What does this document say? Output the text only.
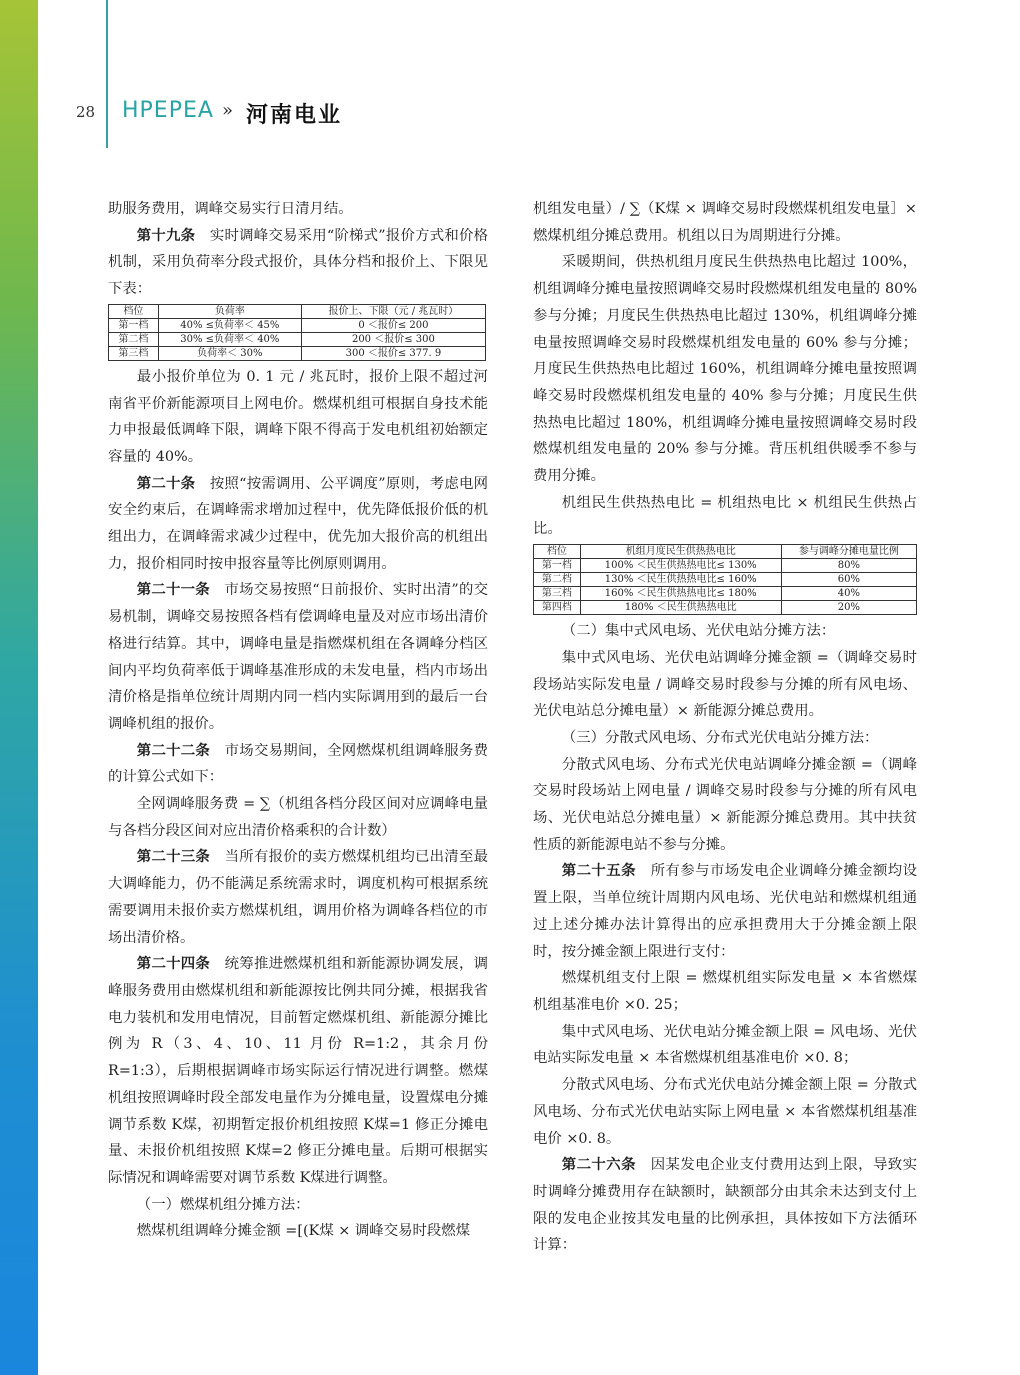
28 HPEPEA » 河南电业

助服务费用，调峰交易实行日清月结。

第十九条　实时调峰交易采用“阶梯式”报价方式和价格机制，采用负荷率分段式报价，具体分档和报价上、下限见下表：

档位	负荷率	报价上、下限（元 / 兆瓦时）
第一档	40% ≤负荷率＜ 45%	0 ＜报价≤ 200
第二档	30% ≤负荷率＜ 40%	200 ＜报价≤ 300
第三档	负荷率＜ 30%	300 ＜报价≤ 377. 9

最小报价单位为 0. 1 元 / 兆瓦时，报价上限不超过河南省平价新能源项目上网电价。燃煤机组可根据自身技术能力申报最低调峰下限，调峰下限不得高于发电机组初始额定容量的 40%。

第二十条　按照“按需调用、公平调度”原则，考虑电网安全约束后，在调峰需求增加过程中，优先降低报价低的机组出力，在调峰需求减少过程中，优先加大报价高的机组出力，报价相同时按申报容量等比例原则调用。

第二十一条　市场交易按照“日前报价、实时出清”的交易机制，调峰交易按照各档有偿调峰电量及对应市场出清价格进行结算。其中，调峰电量是指燃煤机组在各调峰分档区间内平均负荷率低于调峰基准形成的未发电量，档内市场出清价格是指单位统计周期内同一档内实际调用到的最后一台调峰机组的报价。

第二十二条　市场交易期间，全网燃煤机组调峰服务费的计算公式如下：

全网调峰服务费 = ∑（机组各档分段区间对应调峰电量与各档分段区间对应出清价格乘积的合计数）

第二十三条　当所有报价的卖方燃煤机组均已出清至最大调峰能力，仍不能满足系统需求时，调度机构可根据系统需要调用未报价卖方燃煤机组，调用价格为调峰各档位的市场出清价格。

第二十四条　统筹推进燃煤机组和新能源协调发展，调峰服务费用由燃煤机组和新能源按比例共同分摊，根据我省电力装机和发用电情况，目前暂定燃煤机组、新能源分摊比例为 R（3、4、10、11 月份 R=1:2，其余月份 R=1:3），后期根据调峰市场实际运行情况进行调整。燃煤机组按照调峰时段全部发电量作为分摊电量，设置煤电分摊调节系数 K煤，初期暂定报价机组按照 K煤=1 修正分摊电量、未报价机组按照 K煤=2 修正分摊电量。后期可根据实际情况和调峰需要对调节系数 K煤进行调整。

（一）燃煤机组分摊方法：

燃煤机组调峰分摊金额 =[(K煤 × 调峰交易时段燃煤

机组发电量）/ ∑（K煤 × 调峰交易时段燃煤机组发电量］× 燃煤机组分摊总费用。机组以日为周期进行分摊。

采暖期间，供热机组月度民生供热热电比超过 100%，机组调峰分摊电量按照调峰交易时段燃煤机组发电量的 80% 参与分摊；月度民生供热热电比超过 130%，机组调峰分摊电量按照调峰交易时段燃煤机组发电量的 60% 参与分摊；月度民生供热热电比超过 160%，机组调峰分摊电量按照调峰交易时段燃煤机组发电量的 40% 参与分摊；月度民生供热热电比超过 180%，机组调峰分摊电量按照调峰交易时段燃煤机组发电量的 20% 参与分摊。背压机组供暖季不参与费用分摊。

机组民生供热热电比 = 机组热电比 × 机组民生供热占比。

档位	机组月度民生供热热电比	参与调峰分摊电量比例
第一档	100% ＜民生供热热电比≤ 130%	80%
第二档	130% ＜民生供热热电比≤ 160%	60%
第三档	160% ＜民生供热热电比≤ 180%	40%
第四档	180% ＜民生供热热电比	20%

（二）集中式风电场、光伏电站分摊方法：

集中式风电场、光伏电站调峰分摊金额 =（调峰交易时段场站实际发电量 / 调峰交易时段参与分摊的所有风电场、光伏电站总分摊电量）× 新能源分摊总费用。

（三）分散式风电场、分布式光伏电站分摊方法：

分散式风电场、分布式光伏电站调峰分摊金额 =（调峰交易时段场站上网电量 / 调峰交易时段参与分摊的所有风电场、光伏电站总分摊电量）× 新能源分摊总费用。其中扶贫性质的新能源电站不参与分摊。

第二十五条　所有参与市场发电企业调峰分摊金额均设置上限，当单位统计周期内风电场、光伏电站和燃煤机组通过上述分摊办法计算得出的应承担费用大于分摊金额上限时，按分摊金额上限进行支付：

燃煤机组支付上限 = 燃煤机组实际发电量 × 本省燃煤机组基准电价 ×0. 25；

集中式风电场、光伏电站分摊金额上限 = 风电场、光伏电站实际发电量 × 本省燃煤机组基准电价 ×0. 8；

分散式风电场、分布式光伏电站分摊金额上限 = 分散式风电场、分布式光伏电站实际上网电量 × 本省燃煤机组基准电价 ×0. 8。

第二十六条　因某发电企业支付费用达到上限，导致实时调峰分摊费用存在缺额时，缺额部分由其余未达到支付上限的发电企业按其发电量的比例承担，具体按如下方法循环计算：
